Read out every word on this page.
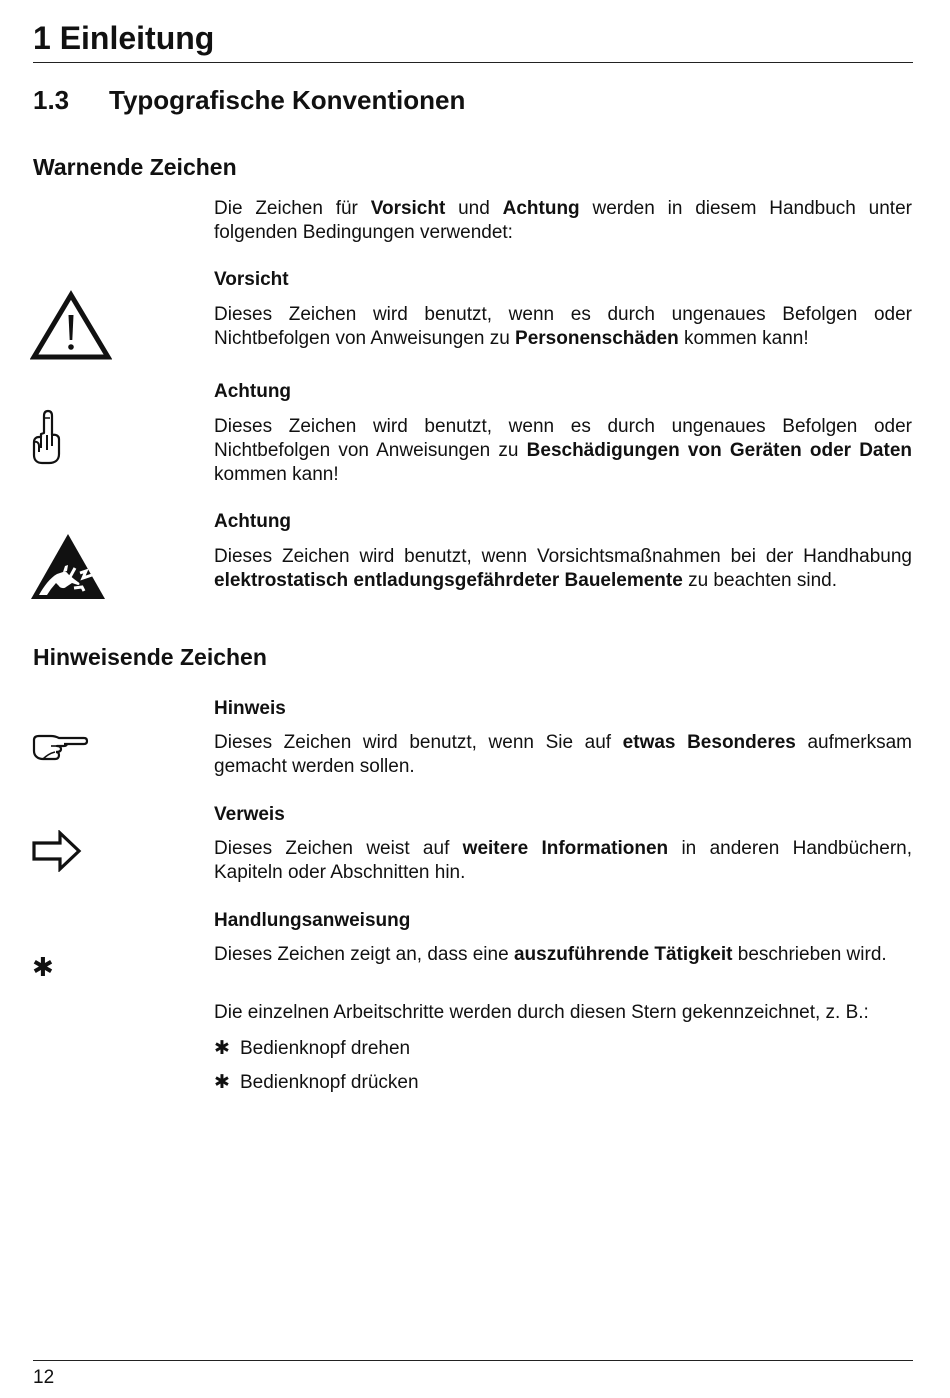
1 Einleitung
1.3 Typografische Konventionen
Warnende Zeichen

Die Zeichen für Vorsicht und Achtung werden in diesem Handbuch unter folgenden Bedingungen verwendet:

Vorsicht

Dieses Zeichen wird benutzt, wenn es durch ungenaues Befolgen oder Nichtbefolgen von Anweisungen zu Personenschäden kommen kann!

Achtung

Dieses Zeichen wird benutzt, wenn es durch ungenaues Befolgen oder Nichtbefolgen von Anweisungen zu Beschädigungen von Geräten oder Daten kommen kann!

Achtung

Dieses Zeichen wird benutzt, wenn Vorsichtsmaßnahmen bei der Handhabung elektrostatisch entladungsgefährdeter Bauelemente zu beachten sind.

Hinweisende Zeichen
Hinweis

Dieses Zeichen wird benutzt, wenn Sie auf etwas Besonderes aufmerksam gemacht werden sollen.

Verweis

Dieses Zeichen weist auf weitere Informationen in anderen Handbüchern, Kapiteln oder Abschnitten hin.

Handlungsanweisung
✱	Dieses Zeichen zeigt an, dass eine auszuführende Tätigkeit beschrieben wird.

Die einzelnen Arbeitschritte werden durch diesen Stern gekennzeichnet, z. B.:

✱ Bedienknopf drehen
✱ Bedienknopf drücken
12
